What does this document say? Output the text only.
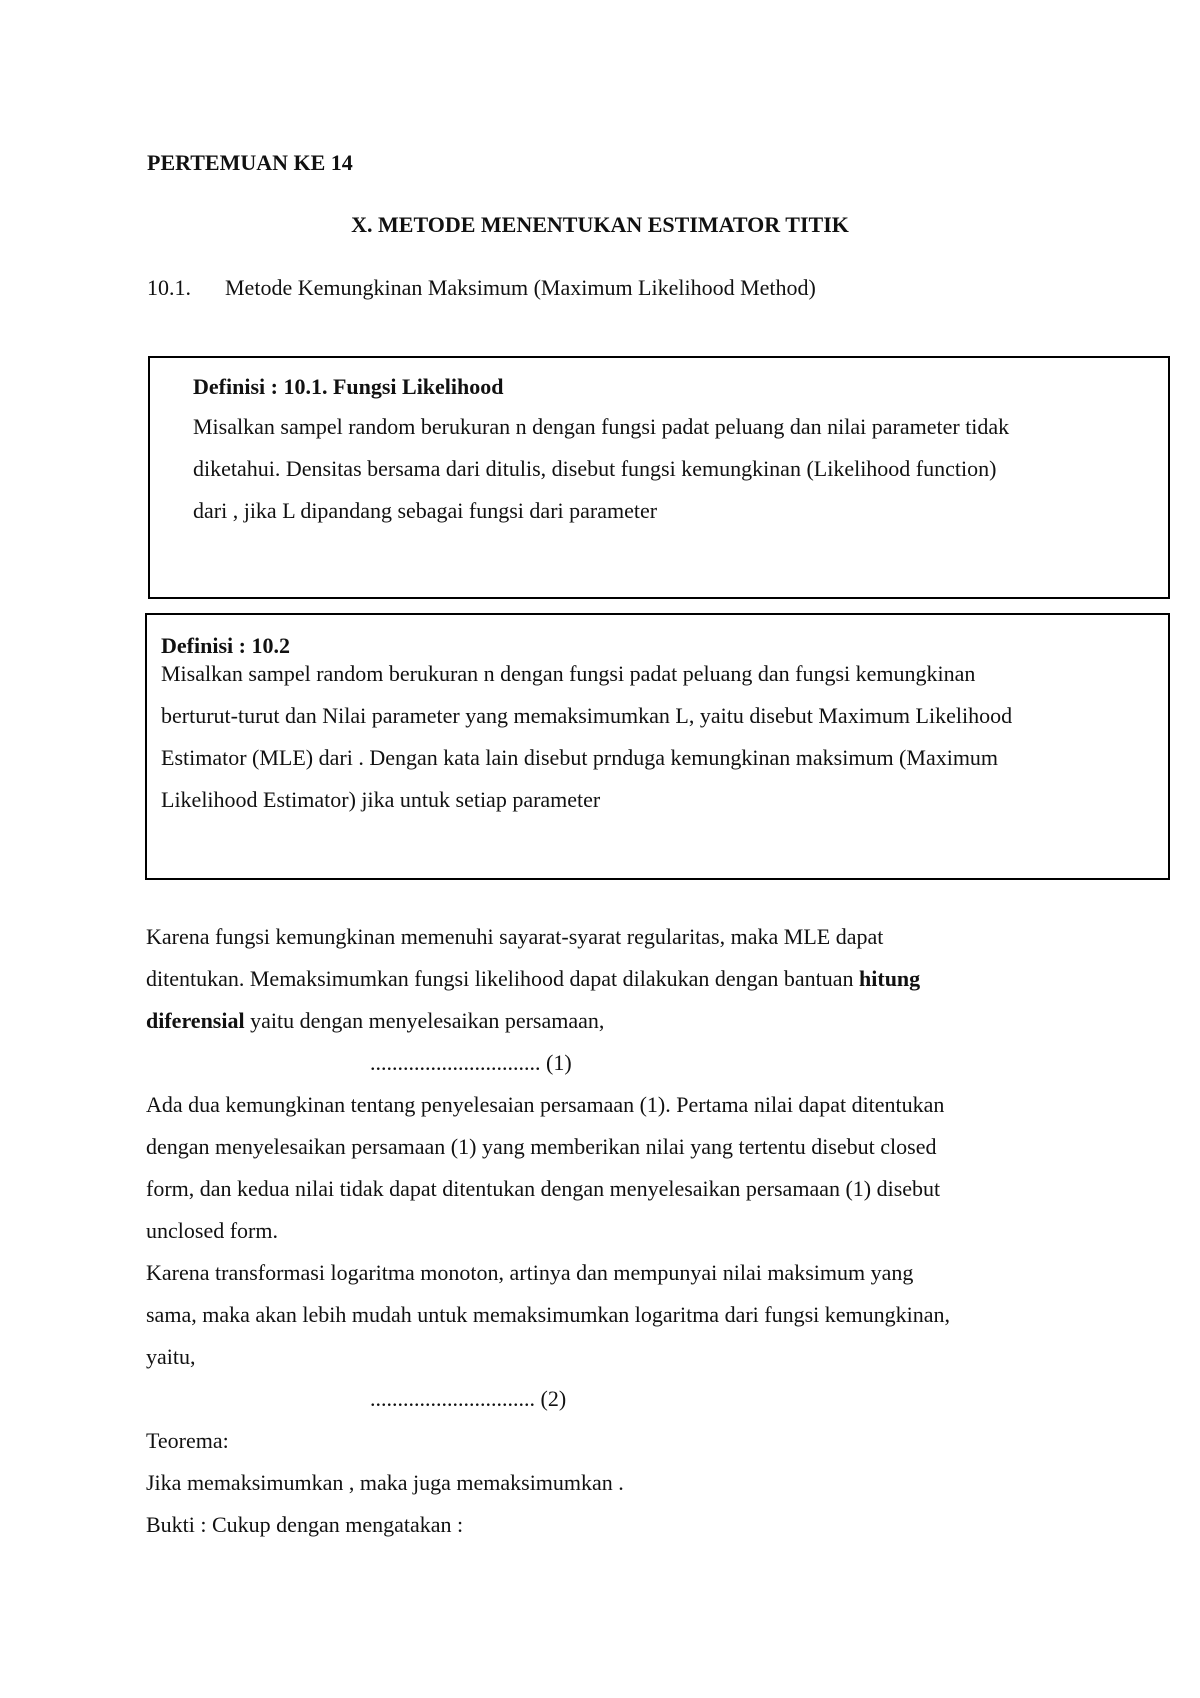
PERTEMUAN KE 14
X. METODE MENENTUKAN ESTIMATOR TITIK
10.1. Metode Kemungkinan Maksimum (Maximum Likelihood Method)
Definisi : 10.1. Fungsi Likelihood
Misalkan sampel random berukuran n dengan fungsi padat peluang dan nilai parameter tidak
diketahui. Densitas bersama dari ditulis, disebut fungsi kemungkinan (Likelihood function)
dari , jika L dipandang sebagai fungsi dari parameter
Definisi : 10.2
Misalkan sampel random berukuran n dengan fungsi padat peluang dan fungsi kemungkinan
berturut-turut dan Nilai parameter yang memaksimumkan L, yaitu disebut Maximum Likelihood
Estimator (MLE) dari . Dengan kata lain disebut prnduga kemungkinan maksimum (Maximum
Likelihood Estimator) jika untuk setiap parameter
Karena fungsi kemungkinan memenuhi sayarat-syarat regularitas, maka MLE dapat
ditentukan. Memaksimumkan fungsi likelihood dapat dilakukan dengan bantuan hitung
diferensial yaitu dengan menyelesaikan persamaan,
............................... (1)
Ada dua kemungkinan tentang penyelesaian persamaan (1). Pertama nilai dapat ditentukan
dengan menyelesaikan persamaan (1) yang memberikan nilai yang tertentu disebut closed
form, dan kedua nilai tidak dapat ditentukan dengan menyelesaikan persamaan (1) disebut
unclosed form.
Karena transformasi logaritma monoton, artinya dan mempunyai nilai maksimum yang
sama, maka akan lebih mudah untuk memaksimumkan logaritma dari fungsi kemungkinan,
yaitu,
.............................. (2)
Teorema:
Jika memaksimumkan , maka juga memaksimumkan .
Bukti : Cukup dengan mengatakan :
